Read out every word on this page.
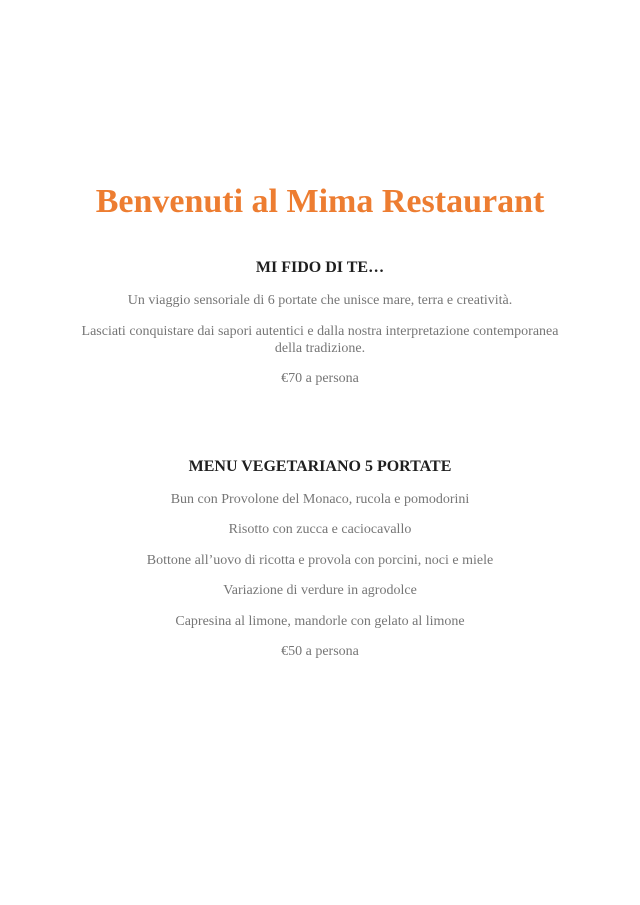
Benvenuti al Mima Restaurant
MI FIDO DI TE…

Un viaggio sensoriale di 6 portate che unisce mare, terra e creatività.

Lasciati conquistare dai sapori autentici e dalla nostra interpretazione contemporanea della tradizione.

€70 a persona

MENU VEGETARIANO 5 PORTATE

Bun con Provolone del Monaco, rucola e pomodorini

Risotto con zucca e caciocavallo

Bottone all’uovo di ricotta e provola con porcini, noci e miele

Variazione di verdure in agrodolce

Capresina al limone, mandorle con gelato al limone

€50 a persona
